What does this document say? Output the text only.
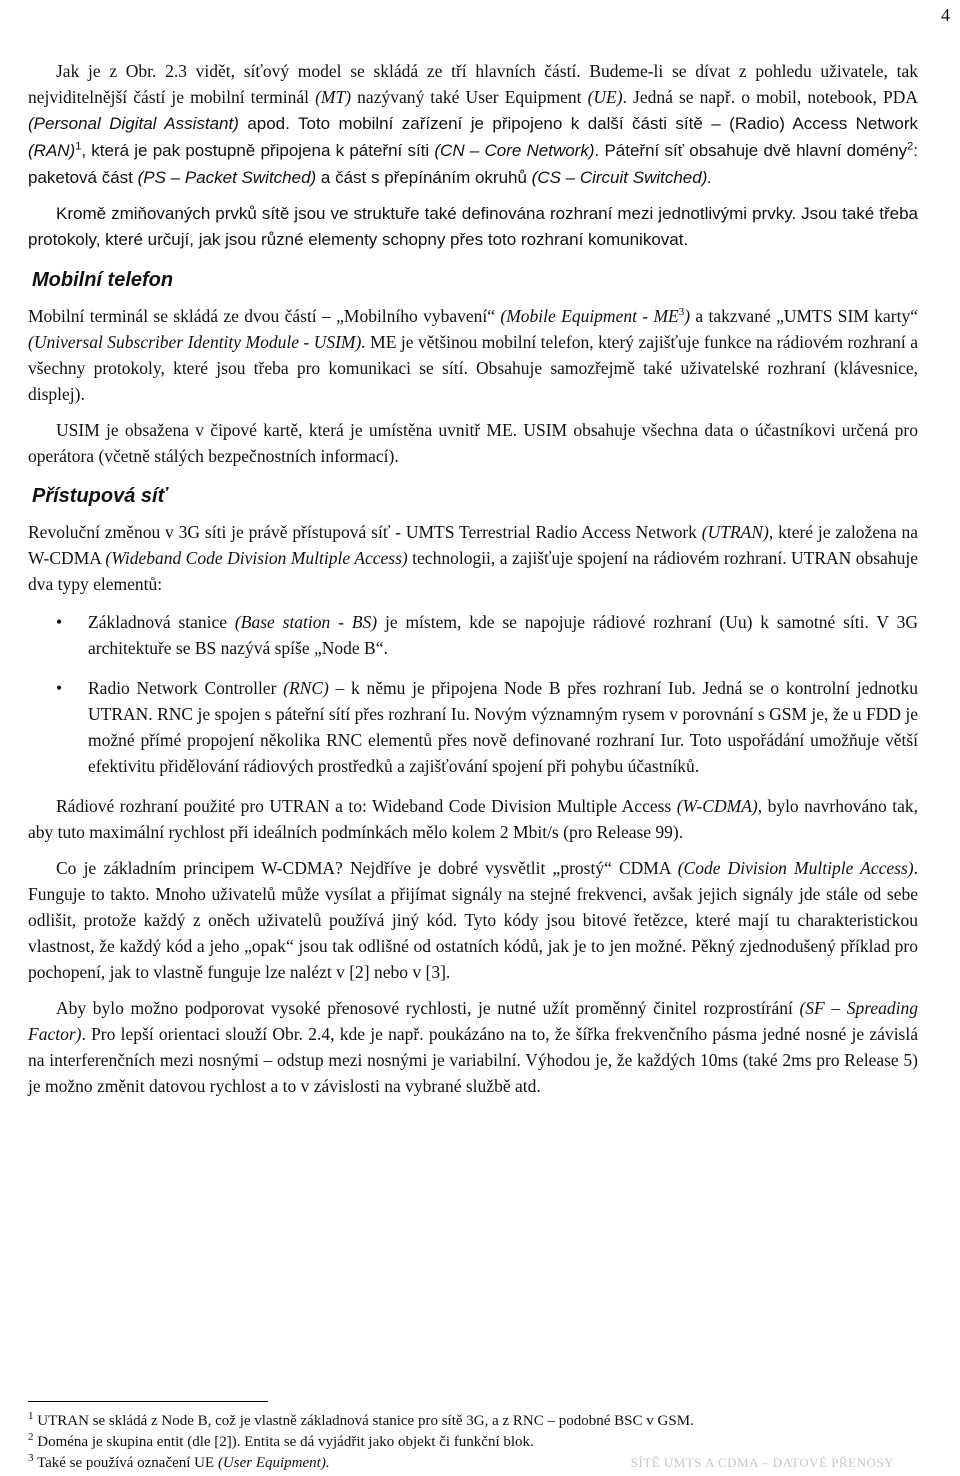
4

Jak je z Obr. 2.3 vidět, síťový model se skládá ze tří hlavních částí. Budeme-li se dívat z pohledu uživatele, tak nejviditelnější částí je mobilní terminál (MT) nazývaný také User Equipment (UE). Jedná se např. o mobil, notebook, PDA (Personal Digital Assistant) apod. Toto mobilní zařízení je připojeno k další části sítě – (Radio) Access Network (RAN)$^1$, která je pak postupně připojena k páteřní síti (CN – Core Network). Páteřní síť obsahuje dvě hlavní domény$^2$: paketová část (PS – Packet Switched) a část s přepínáním okruhů (CS – Circuit Switched).

Kromě zmiňovaných prvků sítě jsou ve struktuře také definována rozhraní mezi jednotlivými prvky. Jsou také třeba protokoly, které určují, jak jsou různé elementy schopny přes toto rozhraní komunikovat.

Mobilní telefon

Mobilní terminál se skládá ze dvou částí – „Mobilního vybavení“ (Mobile Equipment - $ME^3$) a takzvané „UMTS SIM karty“ (Universal Subscriber Identity Module - USIM). ME je většinou mobilní telefon, který zajišťuje funkce na rádiovém rozhraní a všechny protokoly, které jsou třeba pro komunikaci se sítí. Obsahuje samozřejmě také uživatelské rozhraní (klávesnice, displej).

USIM je obsažena v čipové kartě, která je umístěna uvnitř ME. USIM obsahuje všechna data o účastníkovi určená pro operátora (včetně stálých bezpečnostních informací).

Přístupová síť

Revoluční změnou v 3G síti je právě přístupová síť - UMTS Terrestrial Radio Access Network (UTRAN), které je založena na W-CDMA (Wideband Code Division Multiple Access) technologii, a zajišťuje spojení na rádiovém rozhraní. UTRAN obsahuje dva typy elementů:

• Základnová stanice (Base station - BS) je místem, kde se napojuje rádiové rozhraní (Uu) k samotné síti. V 3G architektuře se BS nazývá spíše „Node B“.
• Radio Network Controller (RNC) – k němu je připojena Node B přes rozhraní Iub. Jedná se o kontrolní jednotku UTRAN. RNC je spojen s páteřní sítí přes rozhraní Iu. Novým významným rysem v porovnání s GSM je, že u FDD je možné přímé propojení několika RNC elementů přes nově definované rozhraní Iur. Toto uspořádání umožňuje větší efektivitu přidělování rádiových prostředků a zajišťování spojení při pohybu účastníků.

Rádiové rozhraní použité pro UTRAN a to: Wideband Code Division Multiple Access (W-CDMA), bylo navrhováno tak, aby tuto maximální rychlost při ideálních podmínkách mělo kolem 2 Mbit/s (pro Release 99).

Co je základním principem W-CDMA? Nejdříve je dobré vysvětlit „prostý“ CDMA (Code Division Multiple Access). Funguje to takto. Mnoho uživatelů může vysílat a přijímat signály na stejné frekvenci, avšak jejich signály jde stále od sebe odlišit, protože každý z oněch uživatelů používá jiný kód. Tyto kódy jsou bitové řetězce, které mají tu charakteristickou vlastnost, že každý kód a jeho „opak“ jsou tak odlišné od ostatních kódů, jak je to jen možné. Pěkný zjednodušený příklad pro pochopení, jak to vlastně funguje lze nalézt v [2] nebo v [3].

Aby bylo možno podporovat vysoké přenosové rychlosti, je nutné užít proměnný činitel rozprostírání (SF – Spreading Factor). Pro lepší orientaci slouží Obr. 2.4, kde je např. poukázáno na to, že šířka frekvenčního pásma jedné nosné je závislá na interferenčních mezi nosnými – odstup mezi nosnými je variabilní. Výhodou je, že každých 10ms (také 2ms pro Release 5) je možno změnit datovou rychlost a to v závislosti na vybrané službě atd.

$^1$ UTRAN se skládá z Node B, což je vlastně základnová stanice pro sítě 3G, a z RNC – podobné BSC v GSM.
$^2$ Doména je skupina entit (dle [2]). Entita se dá vyjádřit jako objekt či funkční blok.
$^3$ Také se používá označení UE (User Equipment).	SÍTĚ UMTS A CDMA – DATOVÉ PŘENOSY
